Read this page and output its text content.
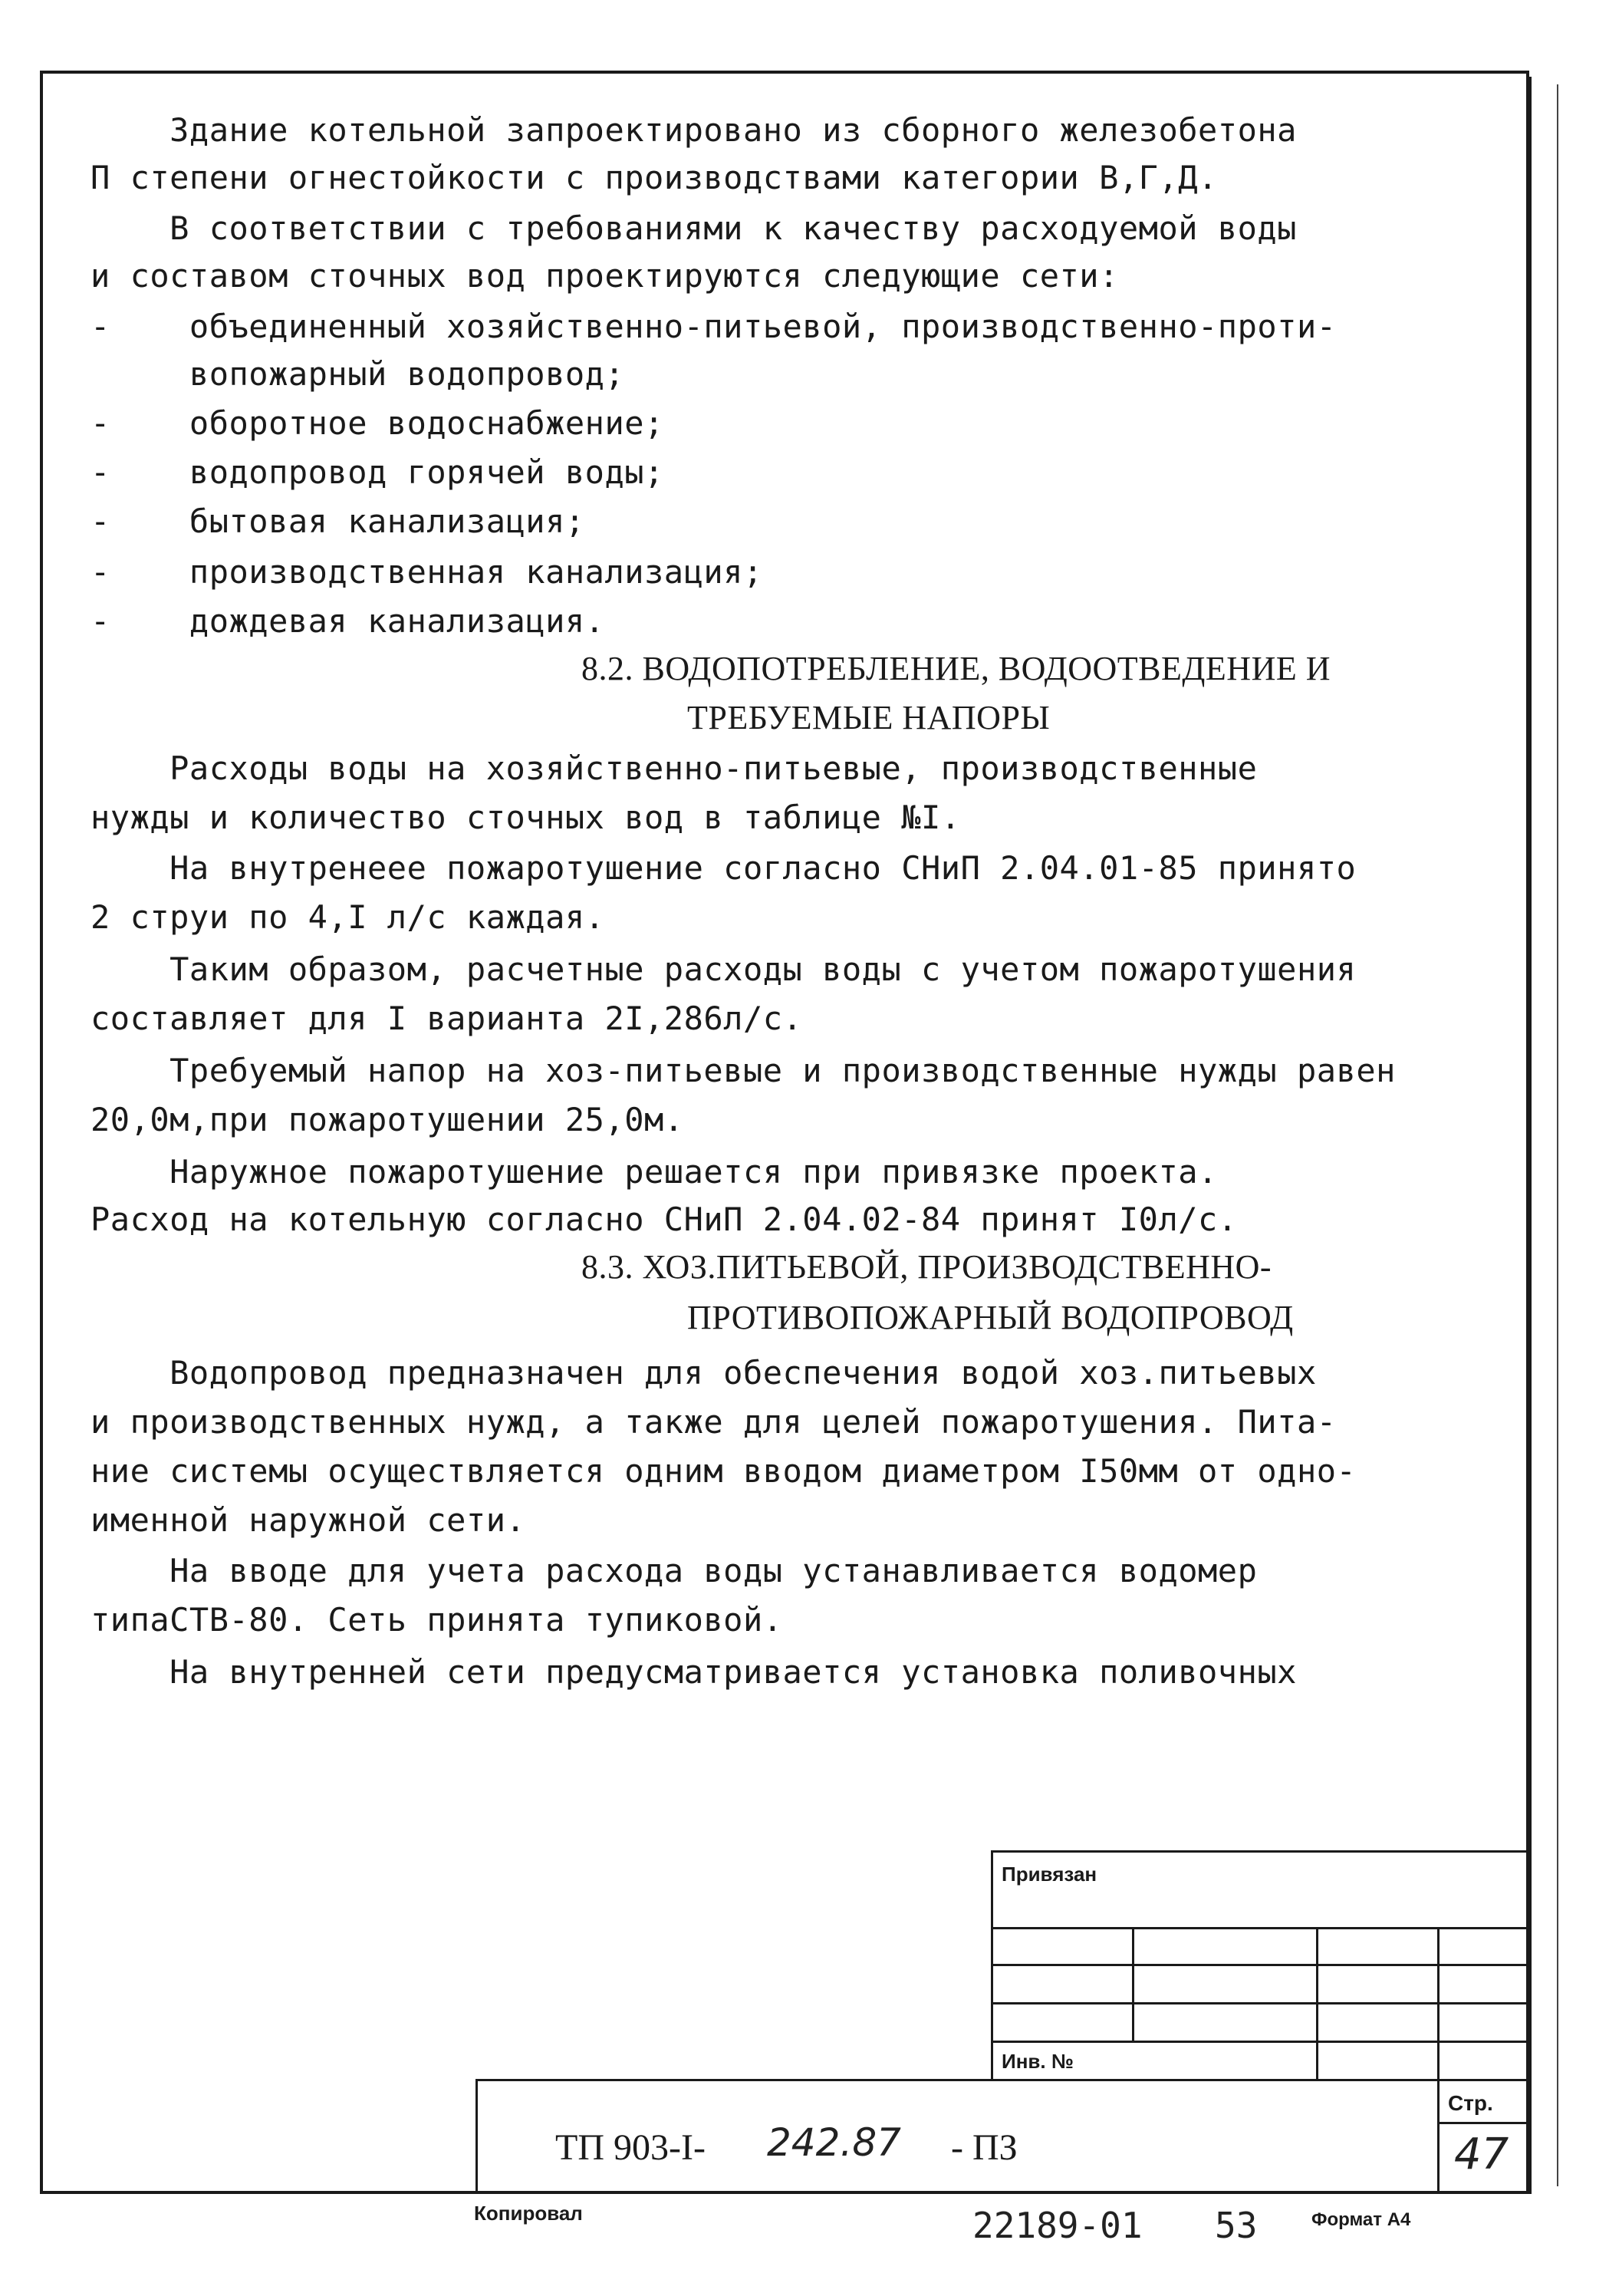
Здание котельной запроектировано из сборного железобетона

П степени огнестойкости с производствами категории В,Г,Д.

В соответствии с требованиями к качеству расходуемой воды

и составом сточных вод проектируются следующие сети:

-    объединенный хозяйственно-питьевой, производственно-проти-

вопожарный водопровод;

-    оборотное водоснабжение;

-    водопровод горячей воды;

-    бытовая канализация;

-    производственная канализация;

-    дождевая канализация.

8.2. ВОДОПОТРЕБЛЕНИЕ, ВОДООТВЕДЕНИЕ И

ТРЕБУЕМЫЕ НАПОРЫ

Расходы воды на хозяйственно-питьевые, производственные

нужды и количество сточных вод в таблице №I.

На внутренеее пожаротушение согласно СНиП 2.04.01-85 принято

2 струи по 4,I л/с каждая.

Таким образом, расчетные расходы воды с учетом пожаротушения

составляет для I варианта 2I,286л/с.

Требуемый напор на хоз-питьевые и производственные нужды равен

20,0м,при пожаротушении 25,0м.

Наружное пожаротушение решается при привязке проекта.

Расход на котельную согласно СНиП 2.04.02-84 принят I0л/с.

8.3. ХОЗ.ПИТЬЕВОЙ, ПРОИЗВОДСТВЕННО-

ПРОТИВОПОЖАРНЫЙ ВОДОПРОВОД

Водопровод предназначен для обеспечения водой хоз.питьевых

и производственных нужд, а также для целей пожаротушения. Пита-

ние системы осуществляется одним вводом диаметром I50мм от одно-

именной наружной сети.

На вводе для учета расхода воды устанавливается водомер

типаСТВ-80. Сеть принята тупиковой.

На внутренней сети предусматривается установка поливочных

Привязан
Инв. №
Стр.
47
ТП 903-I- 242.87 - ПЗ
Копировал	22189-01 53	Формат А4
